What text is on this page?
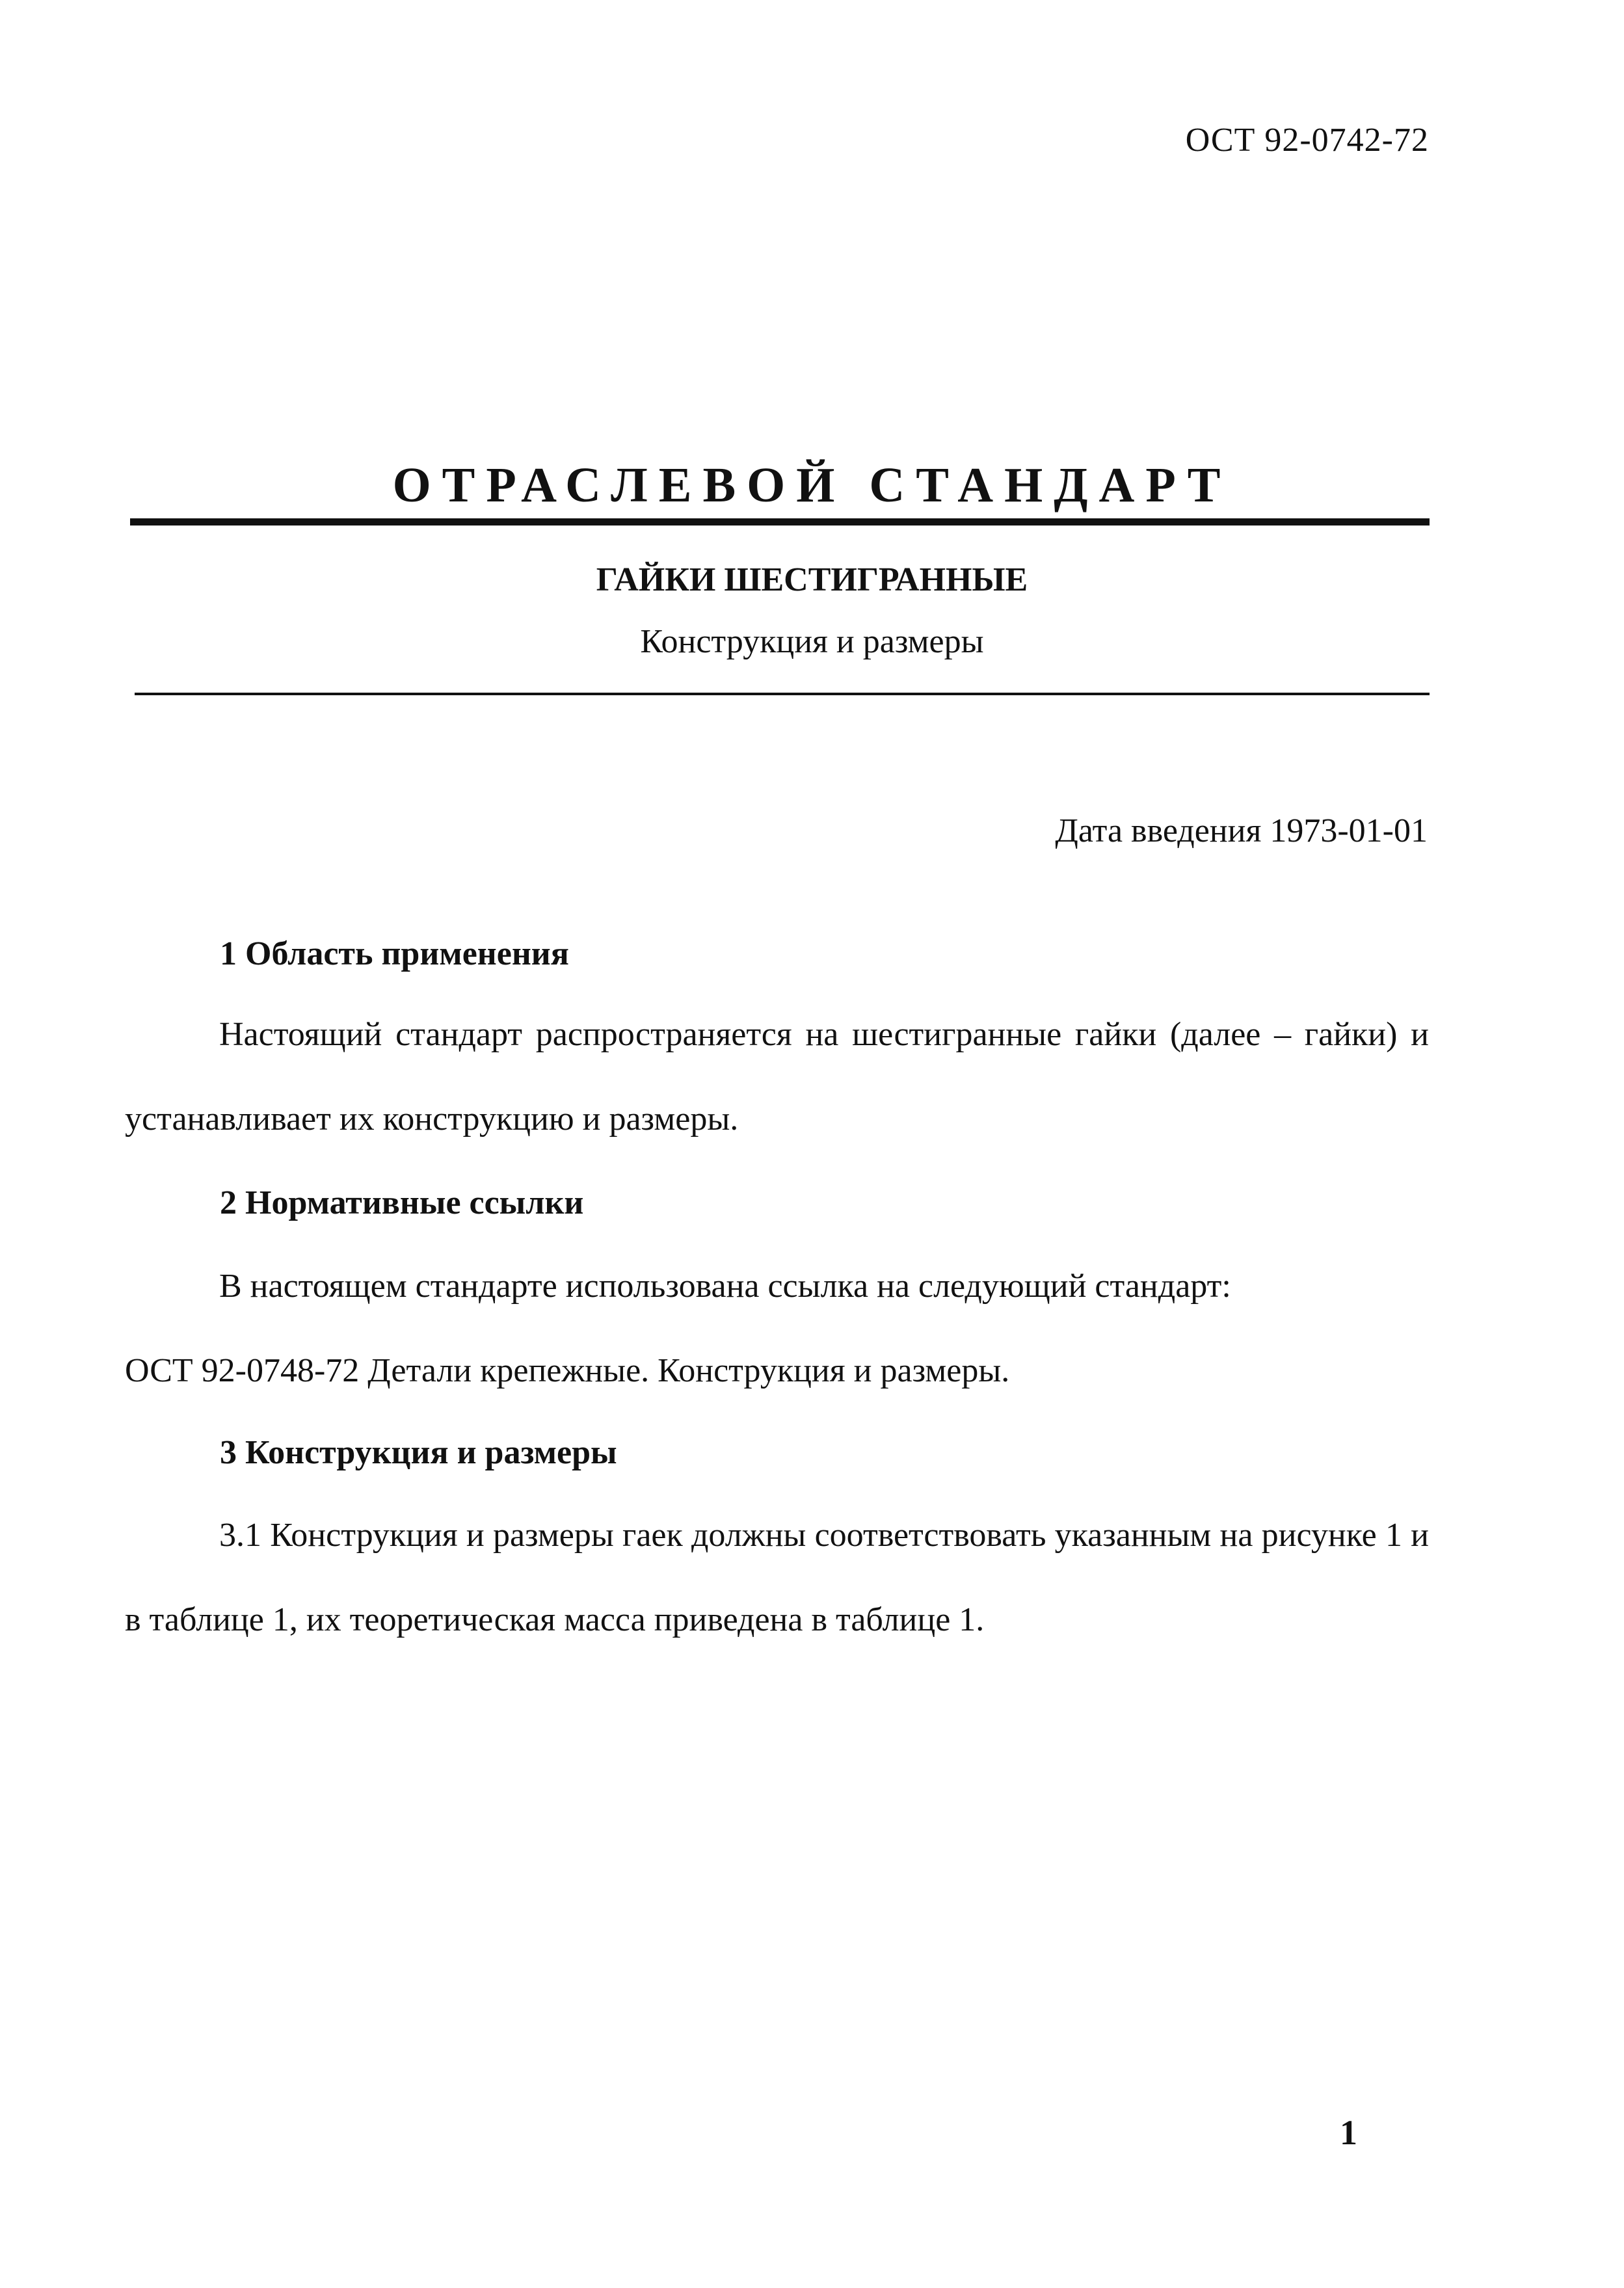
ОСТ 92-0742-72
ОТРАСЛЕВОЙ СТАНДАРТ
ГАЙКИ ШЕСТИГРАННЫЕ
Конструкция и размеры
Дата введения 1973-01-01
1 Область применения
Настоящий стандарт распространяется на шестигранные гайки (далее – гайки) и устанавливает их конструкцию и размеры.
2 Нормативные ссылки
В настоящем стандарте использована ссылка на следующий стандарт:
ОСТ 92-0748-72 Детали крепежные. Конструкция и размеры.
3 Конструкция и размеры
3.1 Конструкция и размеры гаек должны соответствовать указанным на рисунке 1 и в таблице 1, их теоретическая масса приведена в таблице 1.
1
